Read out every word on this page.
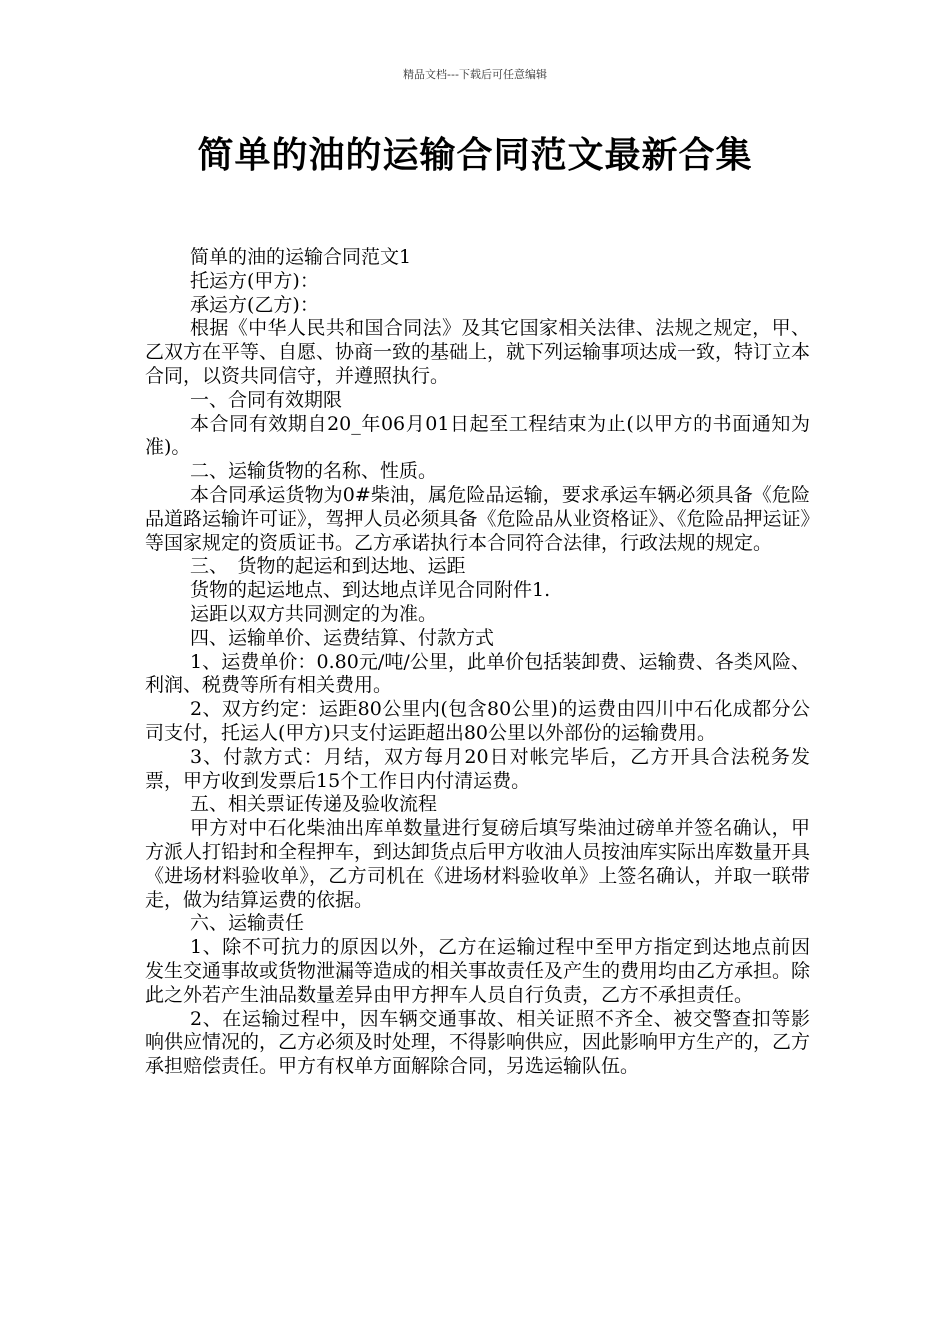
精品文档---下载后可任意编辑
简单的油的运输合同范文最新合集

简单的油的运输合同范文1

托运方(甲方)：

承运方(乙方)：

根据《中华人民共和国合同法》及其它国家相关法律、法规之规定，甲、乙双方在平等、自愿、协商一致的基础上，就下列运输事项达成一致，特订立本合同，以资共同信守，并遵照执行。

一、合同有效期限

本合同有效期自20_年06月01日起至工程结束为止(以甲方的书面通知为准)。

二、运输货物的名称、性质。

本合同承运货物为0#柴油，属危险品运输，要求承运车辆必须具备《危险品道路运输许可证》，驾押人员必须具备《危险品从业资格证》、《危险品押运证》等国家规定的资质证书。乙方承诺执行本合同符合法律，行政法规的规定。

三、　货物的起运和到达地、运距

货物的起运地点、到达地点详见合同附件1.

运距以双方共同测定的为准。

四、运输单价、运费结算、付款方式

1、运费单价：0.80元/吨/公里，此单价包括装卸费、运输费、各类风险、利润、税费等所有相关费用。

2、双方约定：运距80公里内(包含80公里)的运费由四川中石化成都分公司支付，托运人(甲方)只支付运距超出80公里以外部份的运输费用。

3、付款方式：月结，双方每月20日对帐完毕后，乙方开具合法税务发票，甲方收到发票后15个工作日内付清运费。

五、相关票证传递及验收流程

甲方对中石化柴油出库单数量进行复磅后填写柴油过磅单并签名确认，甲方派人打铅封和全程押车，到达卸货点后甲方收油人员按油库实际出库数量开具《进场材料验收单》，乙方司机在《进场材料验收单》上签名确认，并取一联带走，做为结算运费的依据。

六、运输责任

1、除不可抗力的原因以外，乙方在运输过程中至甲方指定到达地点前因发生交通事故或货物泄漏等造成的相关事故责任及产生的费用均由乙方承担。除此之外若产生油品数量差异由甲方押车人员自行负责，乙方不承担责任。

2、在运输过程中，因车辆交通事故、相关证照不齐全、被交警查扣等影响供应情况的，乙方必须及时处理，不得影响供应，因此影响甲方生产的，乙方承担赔偿责任。甲方有权单方面解除合同，另选运输队伍。
